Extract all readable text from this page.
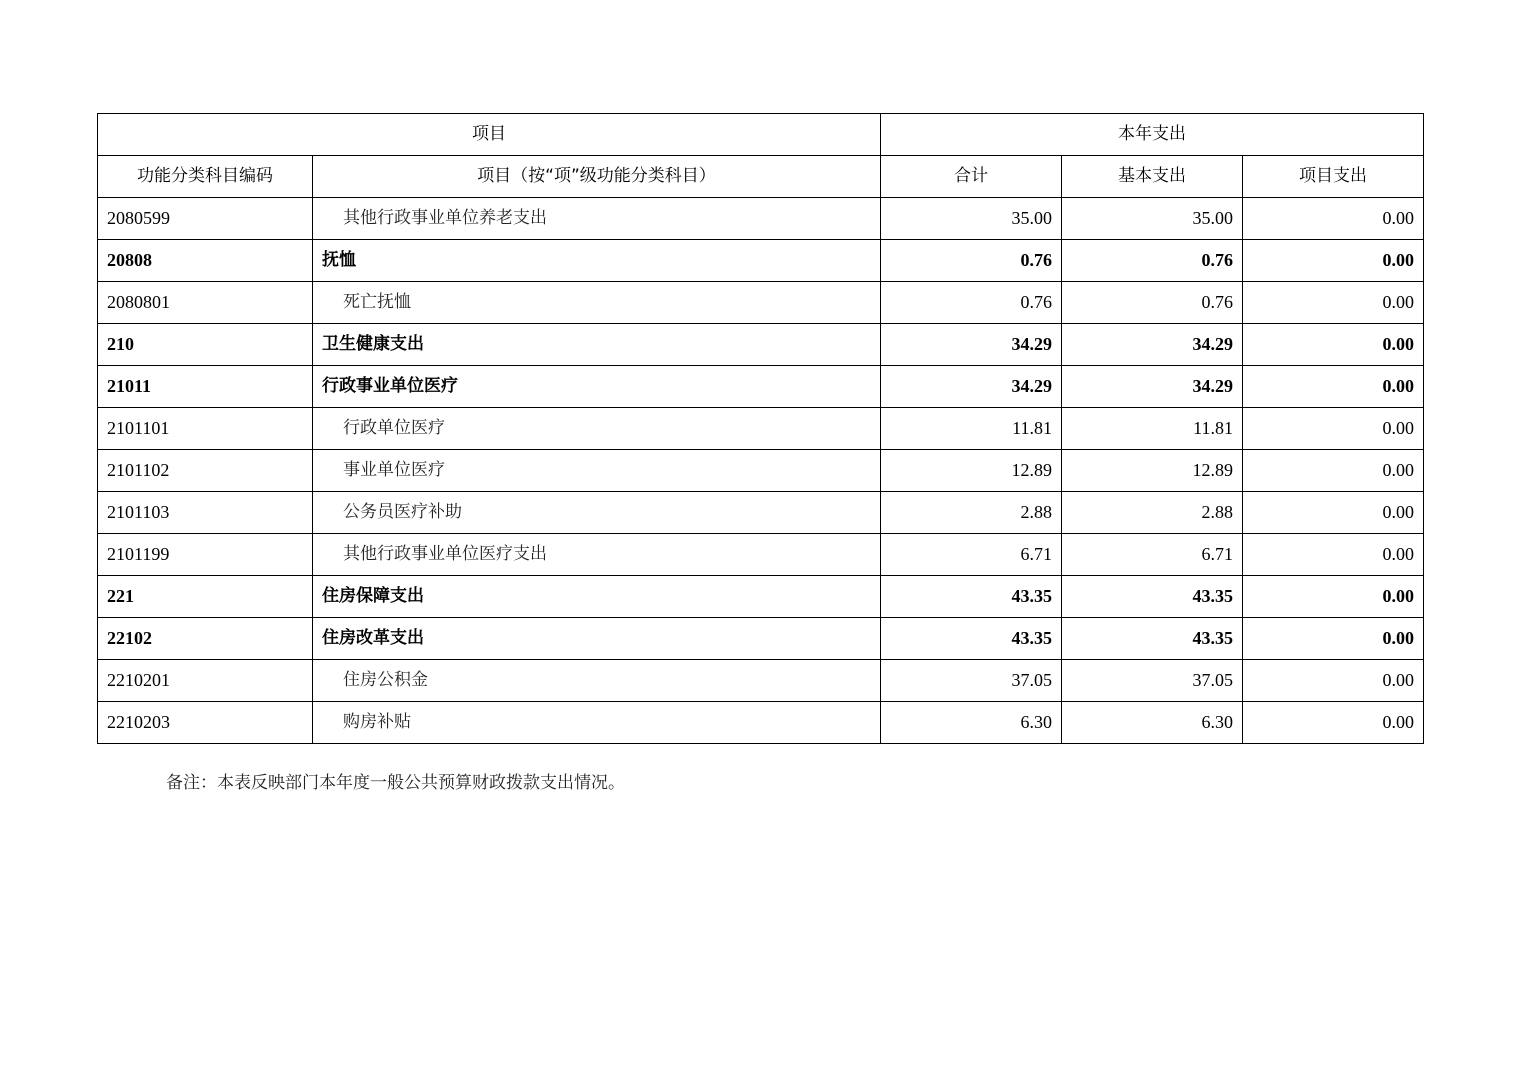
项目		本年支出		
功能分类科目编码	项目（按“项”级功能分类科目）	合计	基本支出	项目支出
2080599	其他行政事业单位养老支出	35.00	35.00	0.00
20808	抚恤	0.76	0.76	0.00
2080801	死亡抚恤	0.76	0.76	0.00
210	卫生健康支出	34.29	34.29	0.00
21011	行政事业单位医疗	34.29	34.29	0.00
2101101	行政单位医疗	11.81	11.81	0.00
2101102	事业单位医疗	12.89	12.89	0.00
2101103	公务员医疗补助	2.88	2.88	0.00
2101199	其他行政事业单位医疗支出	6.71	6.71	0.00
221	住房保障支出	43.35	43.35	0.00
22102	住房改革支出	43.35	43.35	0.00
2210201	住房公积金	37.05	37.05	0.00
2210203	购房补贴	6.30	6.30	0.00
备注：本表反映部门本年度一般公共预算财政拨款支出情况。
